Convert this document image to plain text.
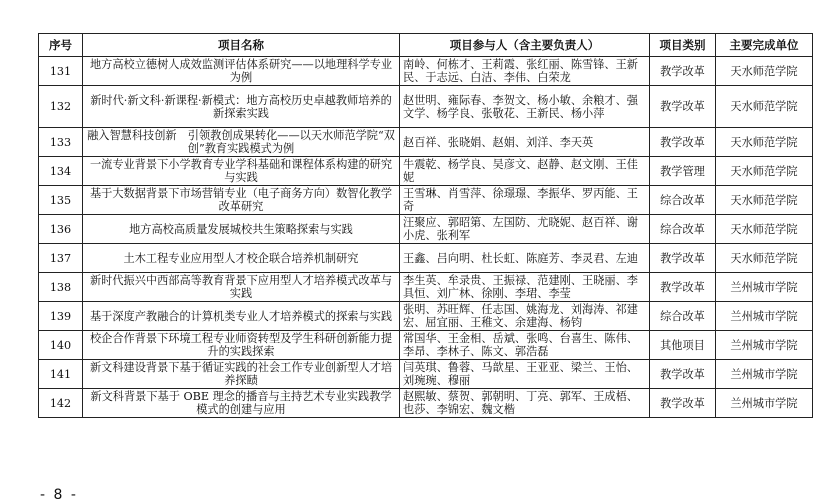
序号	项目名称	项目参与人（含主要负责人）	项目类别	主要完成单位
131	地方高校立德树人成效监测评估体系研究——以地理科学专业为例	南岭、何栋才、王莉霞、张红丽、陈雪锋、王新民、于志远、白洁、李伟、白荣龙	教学改革	天水师范学院
132	新时代·新文科·新课程·新模式：地方高校历史卓越教师培养的新探索实践	赵世明、雍际春、李贺文、杨小敏、余粮才、强文学、杨学良、张敬花、王新民、杨小萍	教学改革	天水师范学院
133	融入智慧科技创新　引领教创成果转化——以天水师范学院“双创”教育实践模式为例	赵百祥、张晓娟、赵娟、刘洋、李天英	教学改革	天水师范学院
134	一流专业背景下小学教育专业学科基础和课程体系构建的研究与实践	牛震乾、杨学良、吴彦文、赵静、赵文刚、王佳妮	教学管理	天水师范学院
135	基于大数据背景下市场营销专业（电子商务方向）数智化教学改革研究	王雪琳、肖雪萍、徐璟璟、李振华、罗丙能、王奇	综合改革	天水师范学院
136	地方高校高质量发展城校共生策略探索与实践	汪聚应、郭昭第、左国防、尤晓妮、赵百祥、谢小虎、张利军	综合改革	天水师范学院
137	土木工程专业应用型人才校企联合培养机制研究	王鑫、吕向明、杜长虹、陈庭芳、李灵君、左迪	教学改革	天水师范学院
138	新时代振兴中西部高等教育背景下应用型人才培养模式改革与实践	李生英、牟录贵、王振禄、范建刚、王晓丽、李具恒、刘广林、徐刚、李珺、李莹	教学改革	兰州城市学院
139	基于深度产教融合的计算机类专业人才培养模式的探索与实践	张明、苏旺辉、任志国、姚海龙、刘海涛、祁建宏、屈宜丽、王稚文、余建海、杨钧	综合改革	兰州城市学院
140	校企合作背景下环境工程专业师资转型及学生科研创新能力提升的实践探索	常国华、王金相、岳斌、张鸣、台喜生、陈伟、李昂、李林子、陈文、郭浩磊	其他项目	兰州城市学院
141	新文科建设背景下基于循证实践的社会工作专业创新型人才培养探赜	闫英琪、鲁蓉、马歆星、王亚亚、梁兰、王怡、刘琬琬、穆丽	教学改革	兰州城市学院
142	新文科背景下基于 OBE 理念的播音与主持艺术专业实践教学模式的创建与应用	赵熙敏、蔡贺、郭朝明、丁亮、郭军、王成梧、也莎、李锦宏、魏文楷	教学改革	兰州城市学院
- 8 -
